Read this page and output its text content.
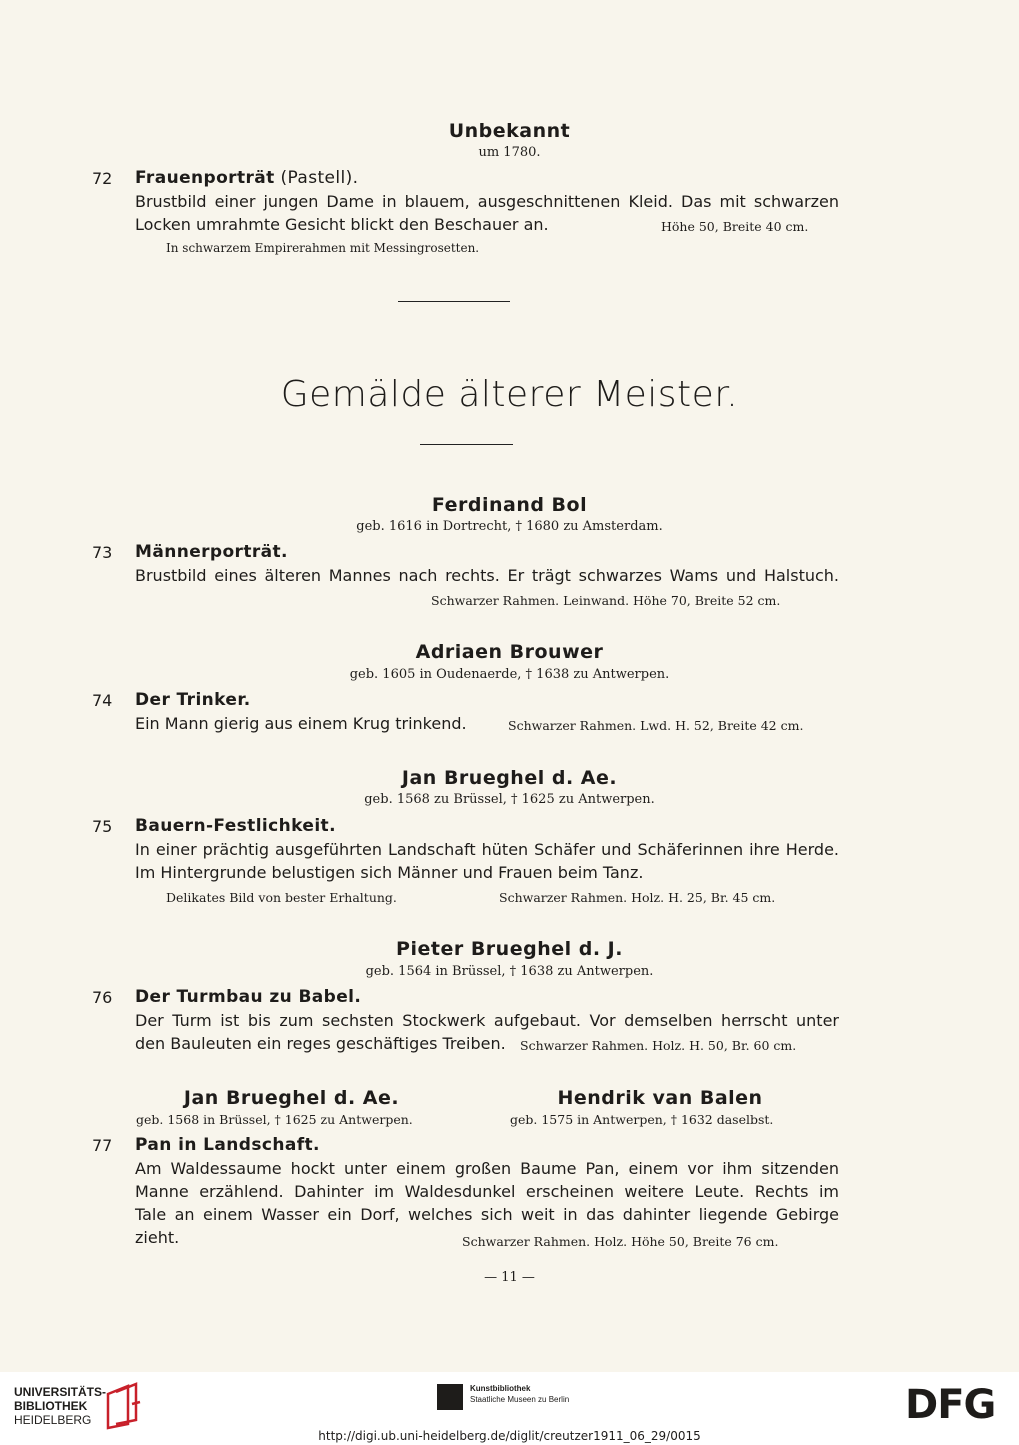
Unbekannt
um 1780.
72 Frauenporträt (Pastell).
Brustbild einer jungen Dame in blauem, ausgeschnittenen Kleid. Das mit schwarzen
Locken umrahmte Gesicht blickt den Beschauer an.	Höhe 50, Breite 40 cm.
In schwarzem Empirerahmen mit Messingrosetten.
Gemälde älterer Meister.
Ferdinand Bol
geb. 1616 in Dortrecht, † 1680 zu Amsterdam.
73 Männerporträt.
Brustbild eines älteren Mannes nach rechts. Er trägt schwarzes Wams und Halstuch.
Schwarzer Rahmen. Leinwand. Höhe 70, Breite 52 cm.
Adriaen Brouwer
geb. 1605 in Oudenaerde, † 1638 zu Antwerpen.
74 Der Trinker.
Ein Mann gierig aus einem Krug trinkend.	Schwarzer Rahmen. Lwd. H. 52, Breite 42 cm.
Jan Brueghel d. Ae.
geb. 1568 zu Brüssel, † 1625 zu Antwerpen.
75 Bauern-Festlichkeit.
In einer prächtig ausgeführten Landschaft hüten Schäfer und Schäferinnen ihre Herde.
Im Hintergrunde belustigen sich Männer und Frauen beim Tanz.
Delikates Bild von bester Erhaltung.	Schwarzer Rahmen. Holz. H. 25, Br. 45 cm.
Pieter Brueghel d. J.
geb. 1564 in Brüssel, † 1638 zu Antwerpen.
76 Der Turmbau zu Babel.
Der Turm ist bis zum sechsten Stockwerk aufgebaut. Vor demselben herrscht unter
den Bauleuten ein reges geschäftiges Treiben. Schwarzer Rahmen. Holz. H. 50, Br. 60 cm.
Jan Brueghel d. Ae.
geb. 1568 in Brüssel, † 1625 zu Antwerpen.
Hendrik van Balen
geb. 1575 in Antwerpen, † 1632 daselbst.
77 Pan in Landschaft.
Am Waldessaume hockt unter einem großen Baume Pan, einem vor ihm sitzenden
Manne erzählend. Dahinter im Waldesdunkel erscheinen weitere Leute. Rechts im
Tale an einem Wasser ein Dorf, welches sich weit in das dahinter liegende Gebirge
zieht.	Schwarzer Rahmen. Holz. Höhe 50, Breite 76 cm.
— 11 —
UNIVERSITÄTS-
BIBLIOTHEK
HEIDELBERG
Kunstbibliothek
Staatliche Museen zu Berlin	DFG
http://digi.ub.uni-heidelberg.de/diglit/creutzer1911_06_29/0015
